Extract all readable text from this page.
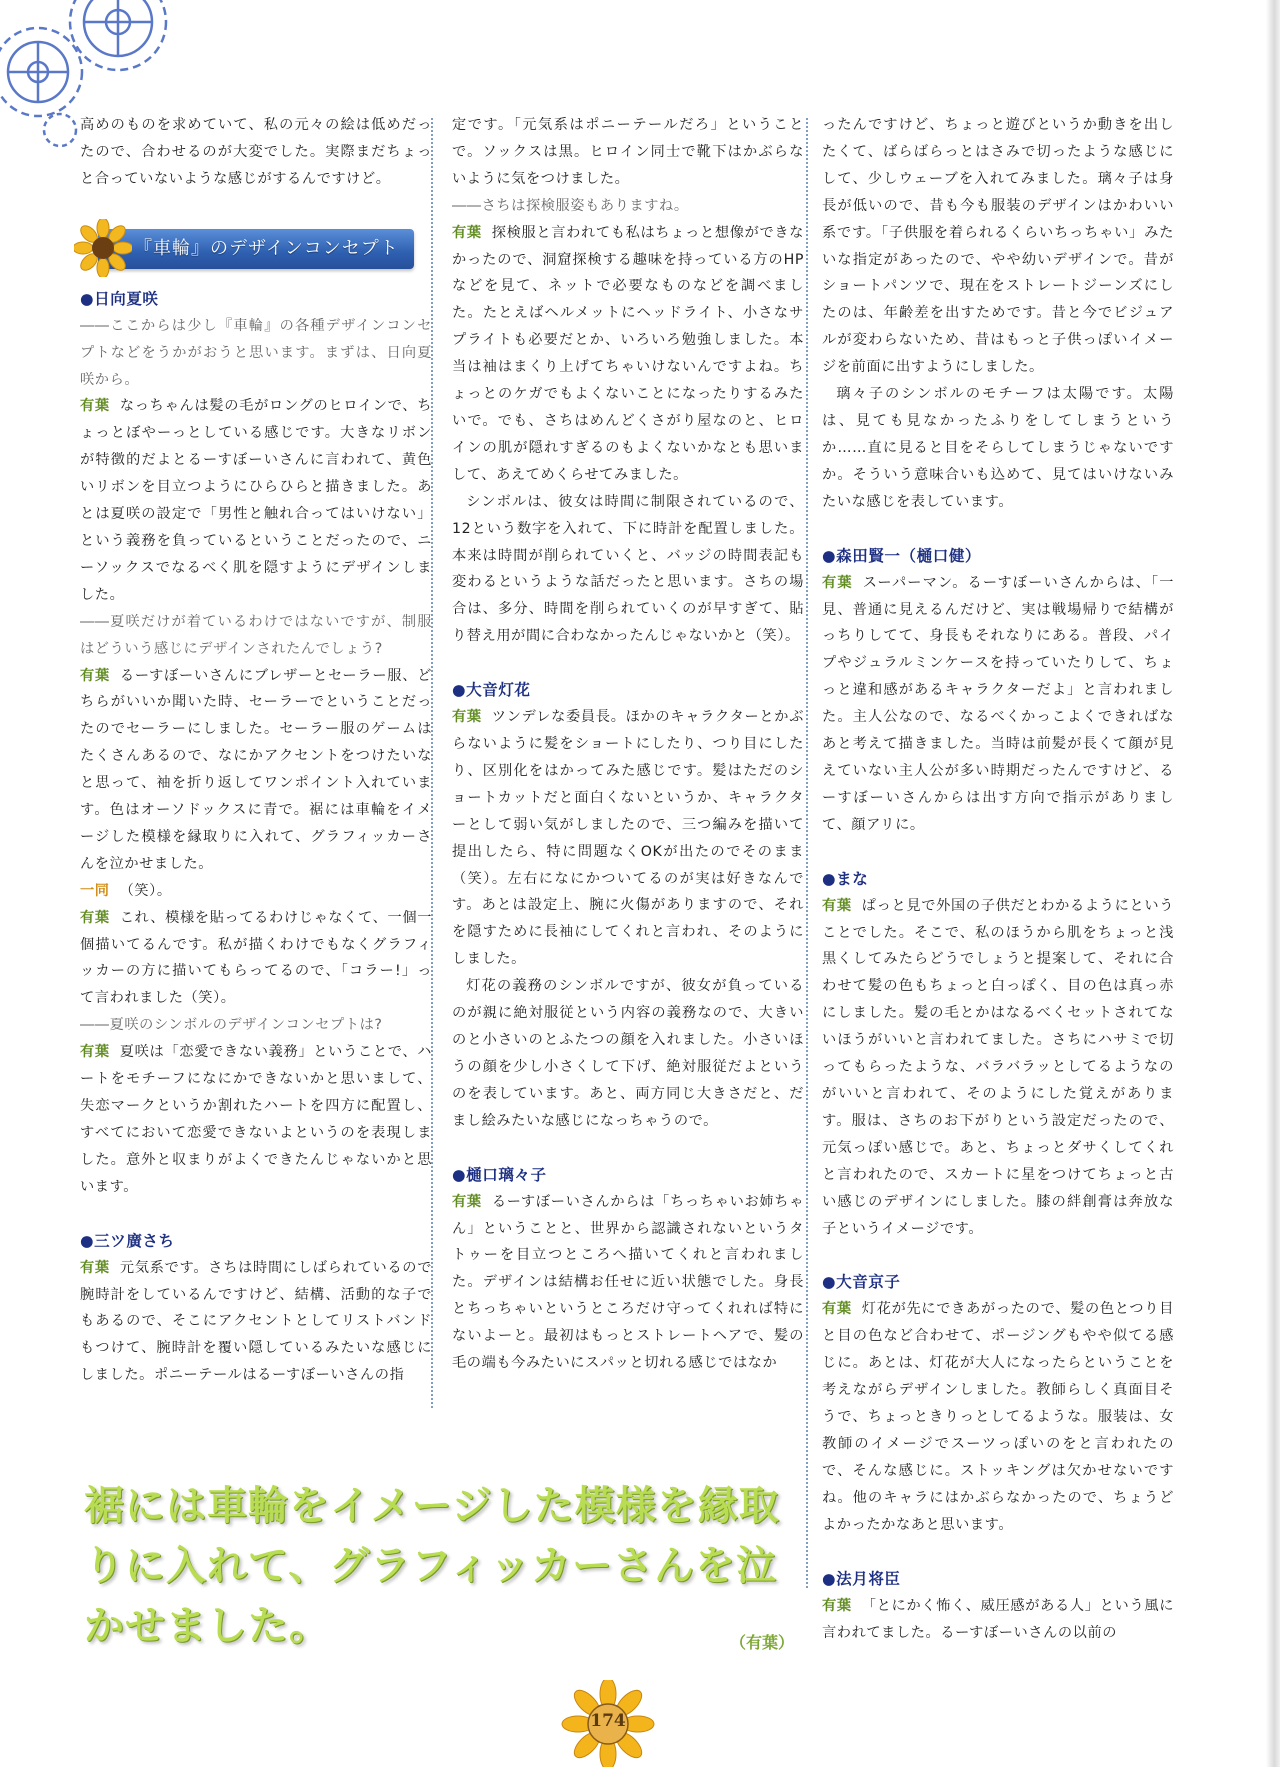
高めのものを求めていて、私の元々の絵は低めだったので、合わせるのが大変でした。実際まだちょっと合っていないような感じがするんですけど。

『車輪』のデザインコンセプト
●日向夏咲

――ここからは少し『車輪』の各種デザインコンセプトなどをうかがおうと思います。まずは、日向夏咲から。

有葉 なっちゃんは髪の毛がロングのヒロインで、ちょっとぼやーっとしている感じです。大きなリボンが特徴的だよとるーすぼーいさんに言われて、黄色いリボンを目立つようにひらひらと描きました。あとは夏咲の設定で「男性と触れ合ってはいけない」という義務を負っているということだったので、ニーソックスでなるべく肌を隠すようにデザインしました。

――夏咲だけが着ているわけではないですが、制服はどういう感じにデザインされたんでしょう?

有葉 るーすぼーいさんにブレザーとセーラー服、どちらがいいか聞いた時、セーラーでということだったのでセーラーにしました。セーラー服のゲームはたくさんあるので、なにかアクセントをつけたいなと思って、袖を折り返してワンポイント入れています。色はオーソドックスに青で。裾には車輪をイメージした模様を縁取りに入れて、グラフィッカーさんを泣かせました。

一同 （笑）。

有葉 これ、模様を貼ってるわけじゃなくて、一個一個描いてるんです。私が描くわけでもなくグラフィッカーの方に描いてもらってるので、「コラー!」って言われました（笑）。

――夏咲のシンボルのデザインコンセプトは?

有葉 夏咲は「恋愛できない義務」ということで、ハートをモチーフになにかできないかと思いまして、失恋マークというか割れたハートを四方に配置し、すべてにおいて恋愛できないよというのを表現しました。意外と収まりがよくできたんじゃないかと思います。

●三ツ廣さち

有葉 元気系です。さちは時間にしばられているので腕時計をしているんですけど、結構、活動的な子でもあるので、そこにアクセントとしてリストバンドもつけて、腕時計を覆い隠しているみたいな感じにしました。ポニーテールはるーすぼーいさんの指

定です。「元気系はポニーテールだろ」ということで。ソックスは黒。ヒロイン同士で靴下はかぶらないように気をつけました。

――さちは探検服姿もありますね。

有葉 探検服と言われても私はちょっと想像ができなかったので、洞窟探検する趣味を持っている方のHPなどを見て、ネットで必要なものなどを調べました。たとえばヘルメットにヘッドライト、小さなサプライトも必要だとか、いろいろ勉強しました。本当は袖はまくり上げてちゃいけないんですよね。ちょっとのケガでもよくないことになったりするみたいで。でも、さちはめんどくさがり屋なのと、ヒロインの肌が隠れすぎるのもよくないかなとも思いまして、あえてめくらせてみました。

シンボルは、彼女は時間に制限されているので、12という数字を入れて、下に時計を配置しました。本来は時間が削られていくと、バッジの時間表記も変わるというような話だったと思います。さちの場合は、多分、時間を削られていくのが早すぎて、貼り替え用が間に合わなかったんじゃないかと（笑）。

●大音灯花

有葉 ツンデレな委員長。ほかのキャラクターとかぶらないように髪をショートにしたり、つり目にしたり、区別化をはかってみた感じです。髪はただのショートカットだと面白くないというか、キャラクターとして弱い気がしましたので、三つ編みを描いて提出したら、特に問題なくOKが出たのでそのまま（笑）。左右になにかついてるのが実は好きなんです。あとは設定上、腕に火傷がありますので、それを隠すために長袖にしてくれと言われ、そのようにしました。

灯花の義務のシンボルですが、彼女が負っているのが親に絶対服従という内容の義務なので、大きいのと小さいのとふたつの顔を入れました。小さいほうの顔を少し小さくして下げ、絶対服従だよというのを表しています。あと、両方同じ大きさだと、だまし絵みたいな感じになっちゃうので。

●樋口璃々子

有葉 るーすぼーいさんからは「ちっちゃいお姉ちゃん」ということと、世界から認識されないというタトゥーを目立つところへ描いてくれと言われました。デザインは結構お任せに近い状態でした。身長とちっちゃいというところだけ守ってくれれば特にないよーと。最初はもっとストレートヘアで、髪の毛の端も今みたいにスパッと切れる感じではなか

ったんですけど、ちょっと遊びというか動きを出したくて、ばらばらっとはさみで切ったような感じにして、少しウェーブを入れてみました。璃々子は身長が低いので、昔も今も服装のデザインはかわいい系です。「子供服を着られるくらいちっちゃい」みたいな指定があったので、やや幼いデザインで。昔がショートパンツで、現在をストレートジーンズにしたのは、年齢差を出すためです。昔と今でビジュアルが変わらないため、昔はもっと子供っぽいイメージを前面に出すようにしました。

璃々子のシンボルのモチーフは太陽です。太陽は、見ても見なかったふりをしてしまうというか……直に見ると目をそらしてしまうじゃないですか。そういう意味合いも込めて、見てはいけないみたいな感じを表しています。

●森田賢一（樋口健）

有葉 スーパーマン。るーすぼーいさんからは、「一見、普通に見えるんだけど、実は戦場帰りで結構がっちりしてて、身長もそれなりにある。普段、パイプやジュラルミンケースを持っていたりして、ちょっと違和感があるキャラクターだよ」と言われました。主人公なので、なるべくかっこよくできればなあと考えて描きました。当時は前髪が長くて顔が見えていない主人公が多い時期だったんですけど、るーすぼーいさんからは出す方向で指示がありまして、顔アリに。

●まな

有葉 ぱっと見で外国の子供だとわかるようにということでした。そこで、私のほうから肌をちょっと浅黒くしてみたらどうでしょうと提案して、それに合わせて髪の色もちょっと白っぽく、目の色は真っ赤にしました。髪の毛とかはなるべくセットされてないほうがいいと言われてました。さちにハサミで切ってもらったような、バラバラッとしてるようなのがいいと言われて、そのようにした覚えがあります。服は、さちのお下がりという設定だったので、元気っぽい感じで。あと、ちょっとダサくしてくれと言われたので、スカートに星をつけてちょっと古い感じのデザインにしました。膝の絆創膏は奔放な子というイメージです。

●大音京子

有葉 灯花が先にできあがったので、髪の色とつり目と目の色など合わせて、ポージングもやや似てる感じに。あとは、灯花が大人になったらということを考えながらデザインしました。教師らしく真面目そうで、ちょっときりっとしてるような。服装は、女教師のイメージでスーツっぽいのをと言われたので、そんな感じに。ストッキングは欠かせないですね。他のキャラにはかぶらなかったので、ちょうどよかったかなあと思います。

●法月将臣

有葉 「とにかく怖く、威圧感がある人」という風に言われてました。るーすぼーいさんの以前の

裾には車輪をイメージした模様を縁取りに入れて、グラフィッカーさんを泣かせました。	（有葉）
174
